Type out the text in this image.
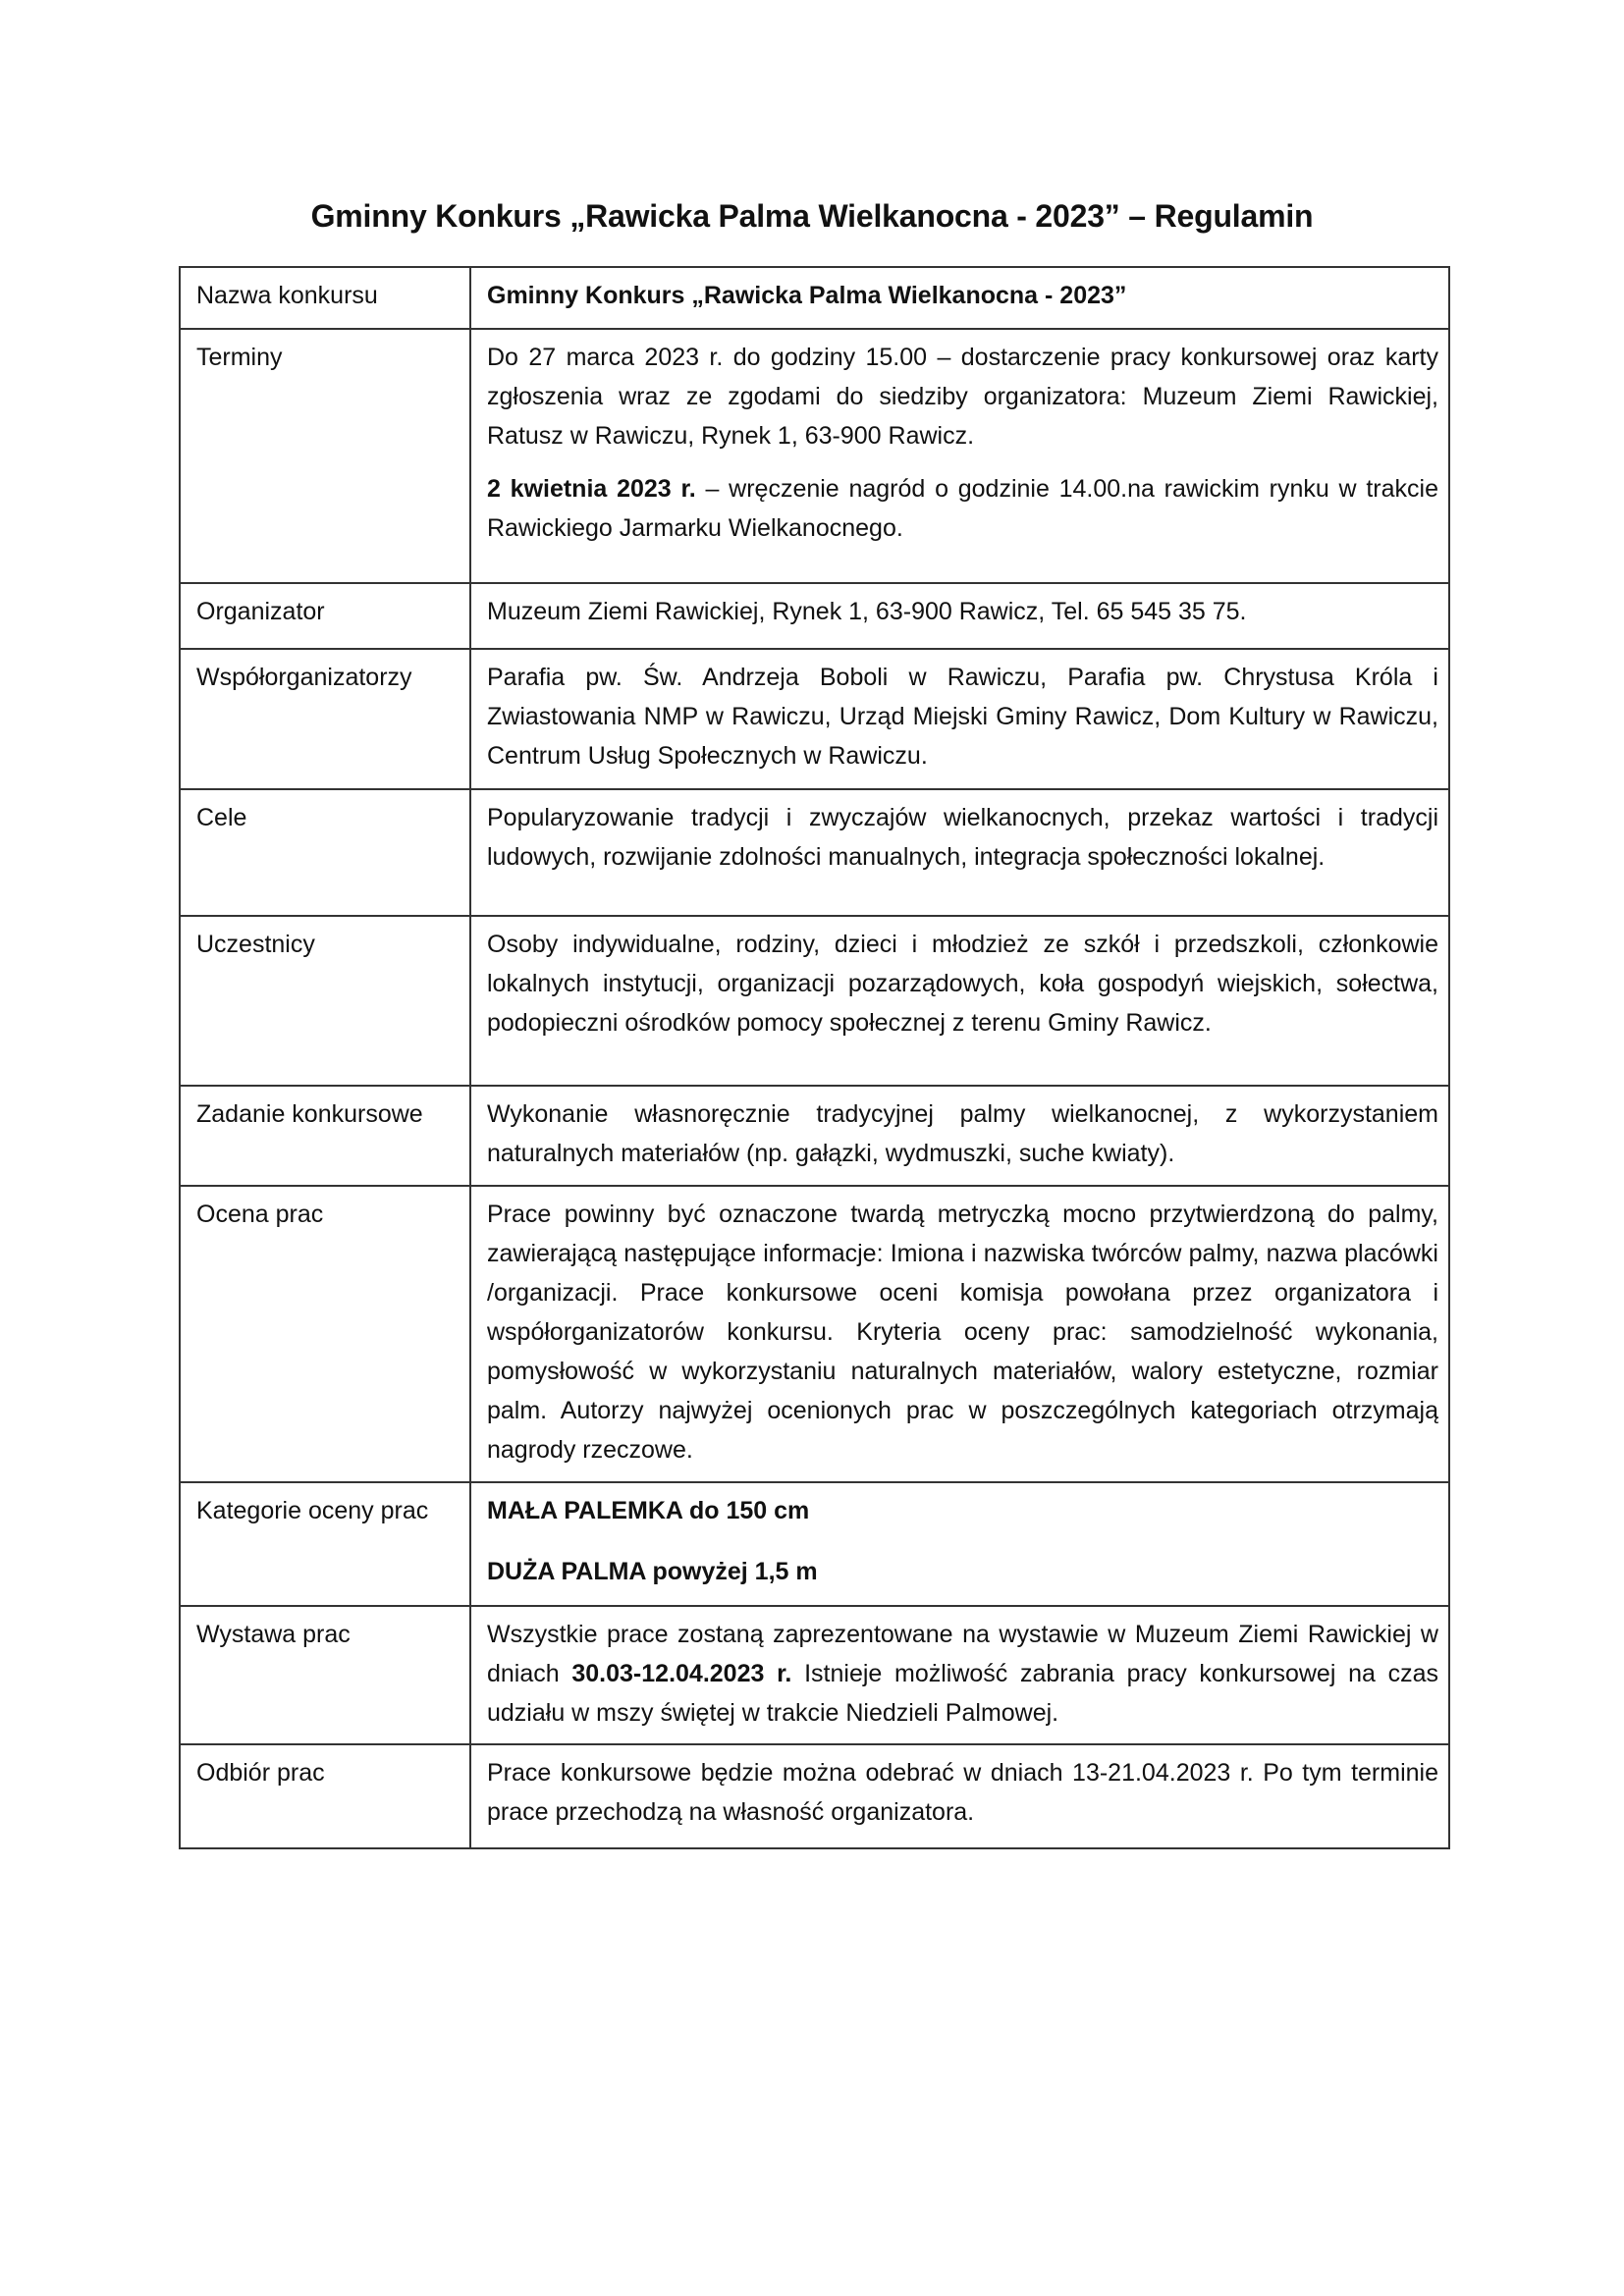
Gminny Konkurs „Rawicka Palma Wielkanocna - 2023” – Regulamin
Nazwa konkursu	Gminny Konkurs „Rawicka Palma Wielkanocna - 2023”

Terminy	Do 27 marca 2023 r. do godziny 15.00 – dostarczenie pracy konkursowej oraz karty zgłoszenia wraz ze zgodami do siedziby organizatora: Muzeum Ziemi Rawickiej, Ratusz w Rawiczu, Rynek 1, 63-900 Rawicz.

2 kwietnia 2023 r. – wręczenie nagród o godzinie 14.00.na rawickim rynku w trakcie Rawickiego Jarmarku Wielkanocnego.

Organizator	Muzeum Ziemi Rawickiej, Rynek 1, 63-900 Rawicz, Tel. 65 545 35 75.

Współorganizatorzy	Parafia pw. Św. Andrzeja Boboli w Rawiczu, Parafia pw. Chrystusa Króla i Zwiastowania NMP w Rawiczu, Urząd Miejski Gminy Rawicz, Dom Kultury w Rawiczu, Centrum Usług Społecznych w Rawiczu.

Cele	Popularyzowanie tradycji i zwyczajów wielkanocnych, przekaz wartości i tradycji ludowych, rozwijanie zdolności manualnych, integracja społeczności lokalnej.

Uczestnicy	Osoby indywidualne, rodziny, dzieci i młodzież ze szkół i przedszkoli, członkowie lokalnych instytucji, organizacji pozarządowych, koła gospodyń wiejskich, sołectwa, podopieczni ośrodków pomocy społecznej z terenu Gminy Rawicz.

Zadanie konkursowe	Wykonanie własnoręcznie tradycyjnej palmy wielkanocnej, z wykorzystaniem naturalnych materiałów (np. gałązki, wydmuszki, suche kwiaty).

Ocena prac	Prace powinny być oznaczone twardą metryczką mocno przytwierdzoną do palmy, zawierającą następujące informacje: Imiona i nazwiska twórców palmy, nazwa placówki /organizacji. Prace konkursowe oceni komisja powołana przez organizatora i współorganizatorów konkursu. Kryteria oceny prac: samodzielność wykonania, pomysłowość w wykorzystaniu naturalnych materiałów, walory estetyczne, rozmiar palm. Autorzy najwyżej ocenionych prac w poszczególnych kategoriach otrzymają nagrody rzeczowe.

Kategorie oceny prac	MAŁA PALEMKA do 150 cm

DUŻA PALMA powyżej 1,5 m

Wystawa prac	Wszystkie prace zostaną zaprezentowane na wystawie w Muzeum Ziemi Rawickiej w dniach 30.03-12.04.2023 r. Istnieje możliwość zabrania pracy konkursowej na czas udziału w mszy świętej w trakcie Niedzieli Palmowej.

Odbiór prac	Prace konkursowe będzie można odebrać w dniach 13-21.04.2023 r. Po tym terminie prace przechodzą na własność organizatora.
